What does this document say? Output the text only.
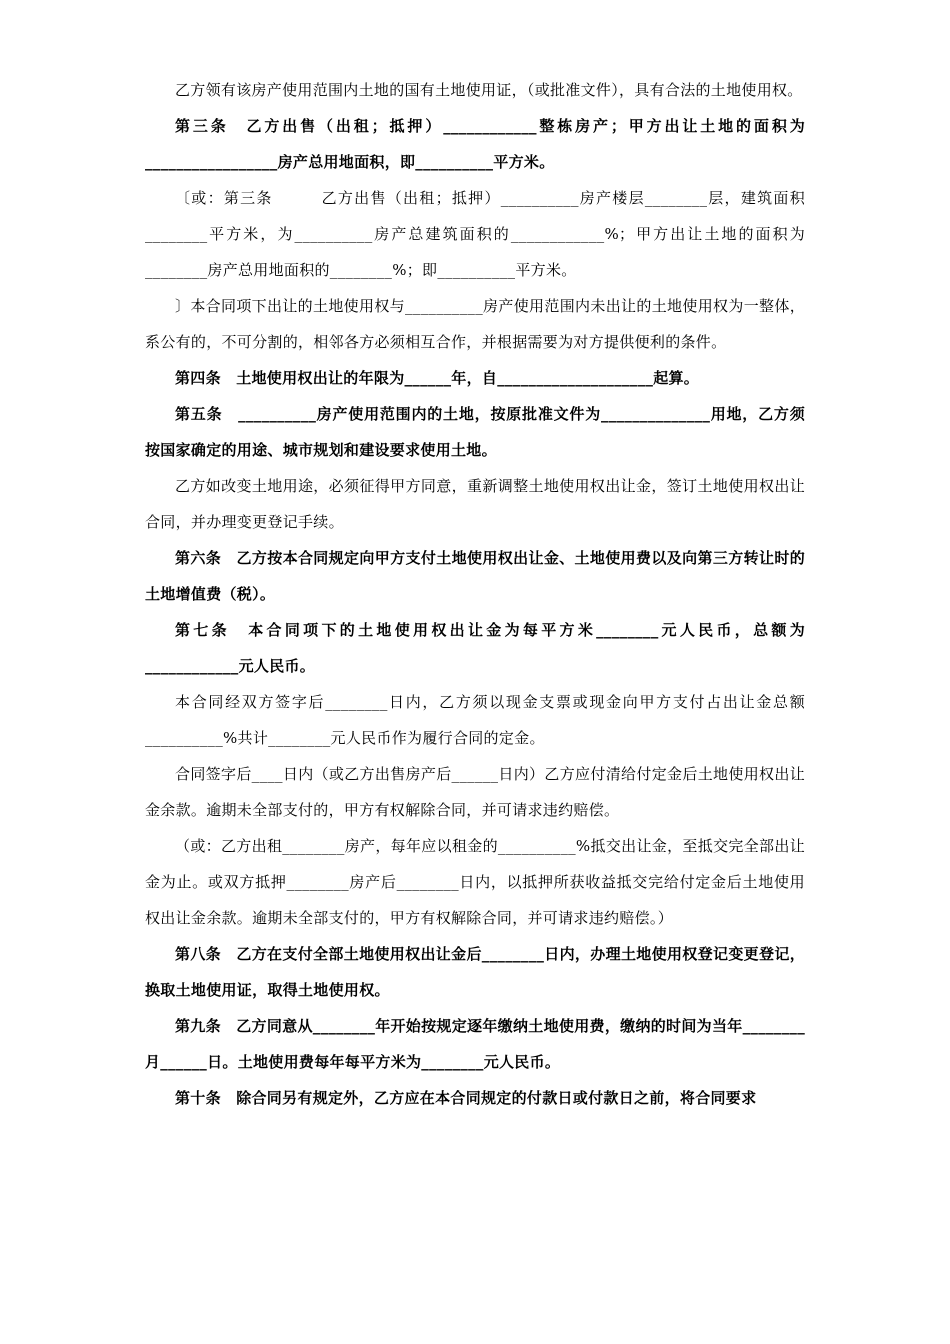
乙方领有该房产使用范围内土地的国有土地使用证，（或批准文件），具有合法的土地使用权。

第三条　乙方出售（出租；抵押）____________整栋房产；甲方出让土地的面积为_________________房产总用地面积，即__________平方米。

〔或：第三条　　　乙方出售（出租；抵押）__________房产楼层________层，建筑面积________平方米，为__________房产总建筑面积的____________%；甲方出让土地的面积为________房产总用地面积的________%；即__________平方米。

〕本合同项下出让的土地使用权与__________房产使用范围内未出让的土地使用权为一整体，系公有的，不可分割的，相邻各方必须相互合作，并根据需要为对方提供便利的条件。

第四条　土地使用权出让的年限为______年，自____________________起算。

第五条　__________房产使用范围内的土地，按原批准文件为______________用地，乙方须按国家确定的用途、城市规划和建设要求使用土地。

乙方如改变土地用途，必须征得甲方同意，重新调整土地使用权出让金，签订土地使用权出让合同，并办理变更登记手续。

第六条　乙方按本合同规定向甲方支付土地使用权出让金、土地使用费以及向第三方转让时的土地增值费（税）。

第七条　本合同项下的土地使用权出让金为每平方米________元人民币，总额为____________元人民币。

本合同经双方签字后________日内，乙方须以现金支票或现金向甲方支付占出让金总额__________%共计________元人民币作为履行合同的定金。

合同签字后____日内（或乙方出售房产后______日内）乙方应付清给付定金后土地使用权出让金余款。逾期未全部支付的，甲方有权解除合同，并可请求违约赔偿。

（或：乙方出租________房产，每年应以租金的__________%抵交出让金，至抵交完全部出让金为止。或双方抵押________房产后________日内，以抵押所获收益抵交完给付定金后土地使用权出让金余款。逾期未全部支付的，甲方有权解除合同，并可请求违约赔偿。）

第八条　乙方在支付全部土地使用权出让金后________日内，办理土地使用权登记变更登记，换取土地使用证，取得土地使用权。

第九条　乙方同意从________年开始按规定逐年缴纳土地使用费，缴纳的时间为当年________月______日。土地使用费每年每平方米为________元人民币。

第十条　除合同另有规定外，乙方应在本合同规定的付款日或付款日之前，将合同要求
